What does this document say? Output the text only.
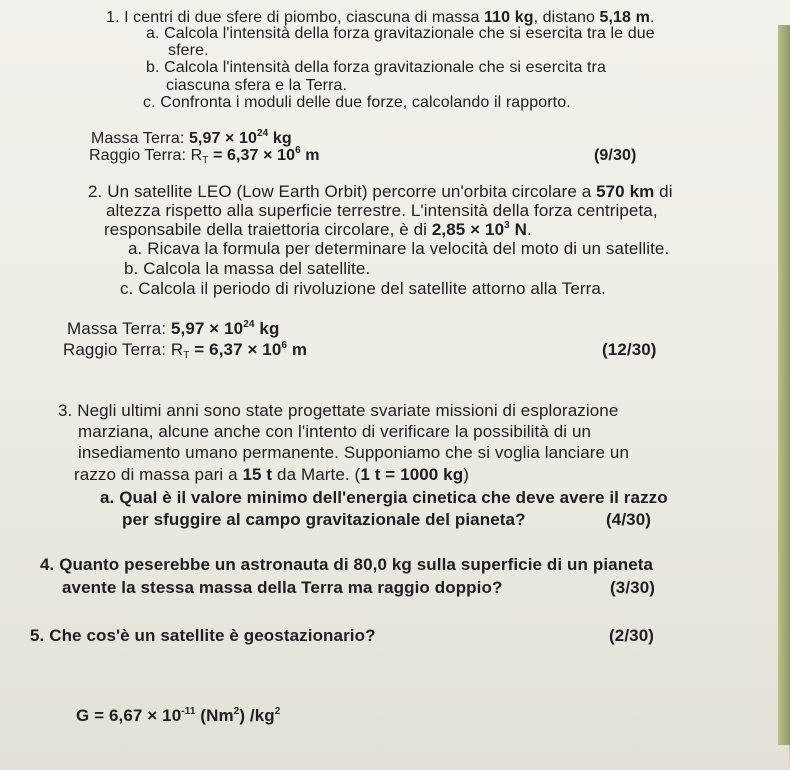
1. I centri di due sfere di piombo, ciascuna di massa 110 kg, distano 5,18 m.
a. Calcola l'intensità della forza gravitazionale che si esercita tra le due
sfere.
b. Calcola l'intensità della forza gravitazionale che si esercita tra
ciascuna sfera e la Terra.
c. Confronta i moduli delle due forze, calcolando il rapporto.
Massa Terra: $5,97 \times 10^{24}$ kg
Raggio Terra: $R_T = 6,37 \times 10^6$ m	(9/30)
2. Un satellite LEO (Low Earth Orbit) percorre un'orbita circolare a 570 km di
altezza rispetto alla superficie terrestre. L'intensità della forza centripeta,
responsabile della traiettoria circolare, è di $2,85 \times 10^3$ N.
a. Ricava la formula per determinare la velocità del moto di un satellite.
b. Calcola la massa del satellite.
c. Calcola il periodo di rivoluzione del satellite attorno alla Terra.
Massa Terra: $5,97 \times 10^{24}$ kg
Raggio Terra: $R_T = 6,37 \times 10^6$ m	(12/30)
3. Negli ultimi anni sono state progettate svariate missioni di esplorazione
marziana, alcune anche con l'intento di verificare la possibilità di un
insediamento umano permanente. Supponiamo che si voglia lanciare un
razzo di massa pari a 15 t da Marte. (1 t = 1000 kg)
a. Qual è il valore minimo dell'energia cinetica che deve avere il razzo
per sfuggire al campo gravitazionale del pianeta?	(4/30)
4. Quanto peserebbe un astronauta di 80,0 kg sulla superficie di un pianeta
avente la stessa massa della Terra ma raggio doppio?	(3/30)
5. Che cos'è un satellite è geostazionario?	(2/30)
$G = 6,67 \times 10^{-11}$ (Nm$^2$) $/kg^2$
